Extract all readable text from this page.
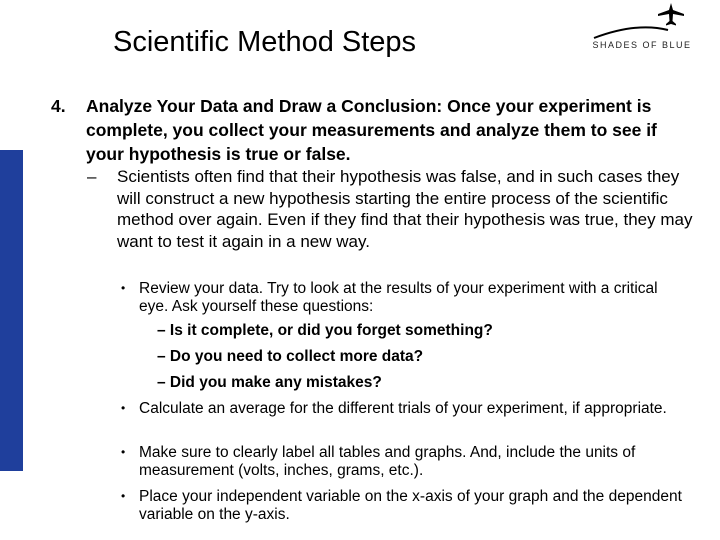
Scientific Method Steps	SHADES OF BLUE
4.	Analyze Your Data and Draw a Conclusion: Once your experiment is complete, you collect your measurements and analyze them to see if your hypothesis is true or false.
–	Scientists often find that their hypothesis was false, and in such cases they will construct a new hypothesis starting the entire process of the scientific method over again. Even if they find that their hypothesis was true, they may want to test it again in a new way.
• Review your data. Try to look at the results of your experiment with a critical eye. Ask yourself these questions:
– Is it complete, or did you forget something?
– Do you need to collect more data?
– Did you make any mistakes?
• Calculate an average for the different trials of your experiment, if appropriate.
• Make sure to clearly label all tables and graphs. And, include the units of measurement (volts, inches, grams, etc.).
• Place your independent variable on the x-axis of your graph and the dependent variable on the y-axis.
